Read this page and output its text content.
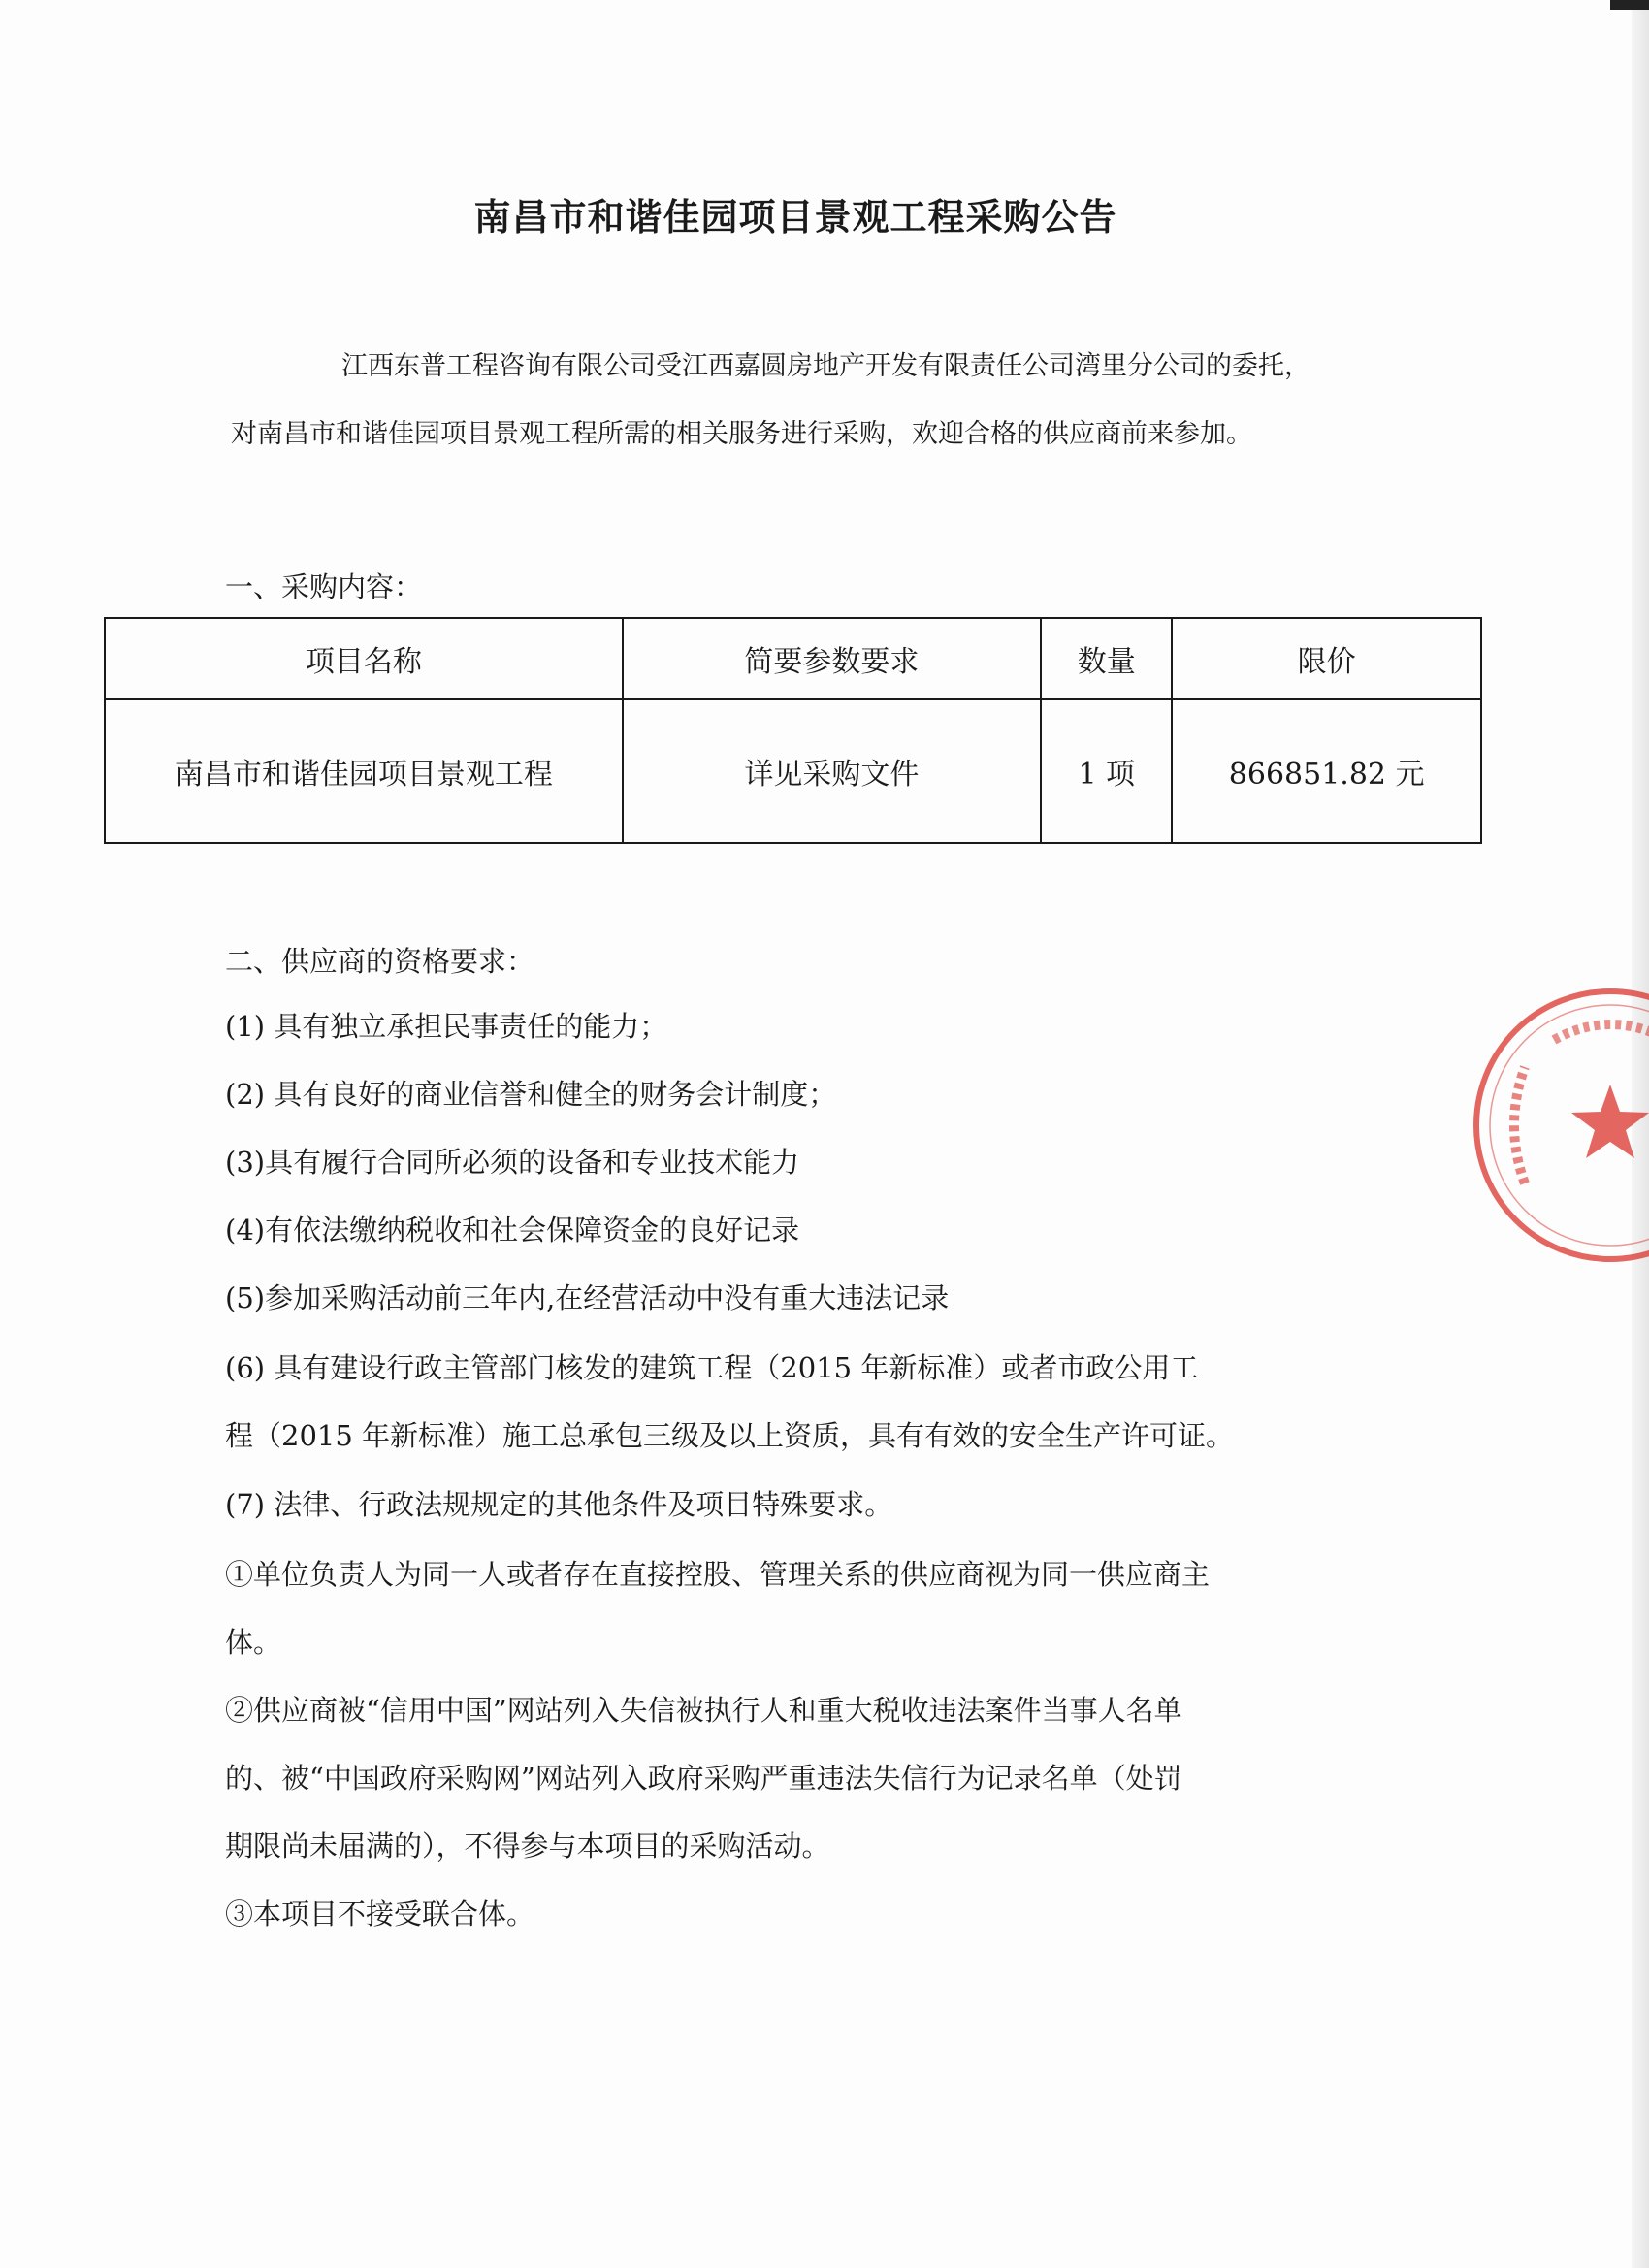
南昌市和谐佳园项目景观工程采购公告
江西东普工程咨询有限公司受江西嘉圆房地产开发有限责任公司湾里分公司的委托，
对南昌市和谐佳园项目景观工程所需的相关服务进行采购，欢迎合格的供应商前来参加。
一、采购内容：
项目名称	简要参数要求	数量	限价
南昌市和谐佳园项目景观工程	详见采购文件	1 项	866851.82 元
二、供应商的资格要求：
(1) 具有独立承担民事责任的能力；
(2) 具有良好的商业信誉和健全的财务会计制度；
(3)具有履行合同所必须的设备和专业技术能力
(4)有依法缴纳税收和社会保障资金的良好记录
(5)参加采购活动前三年内,在经营活动中没有重大违法记录
(6) 具有建设行政主管部门核发的建筑工程（2015 年新标准）或者市政公用工
程（2015 年新标准）施工总承包三级及以上资质，具有有效的安全生产许可证。
(7) 法律、行政法规规定的其他条件及项目特殊要求。
①单位负责人为同一人或者存在直接控股、管理关系的供应商视为同一供应商主
体。
②供应商被“信用中国”网站列入失信被执行人和重大税收违法案件当事人名单
的、被“中国政府采购网”网站列入政府采购严重违法失信行为记录名单（处罚
期限尚未届满的），不得参与本项目的采购活动。
③本项目不接受联合体。
